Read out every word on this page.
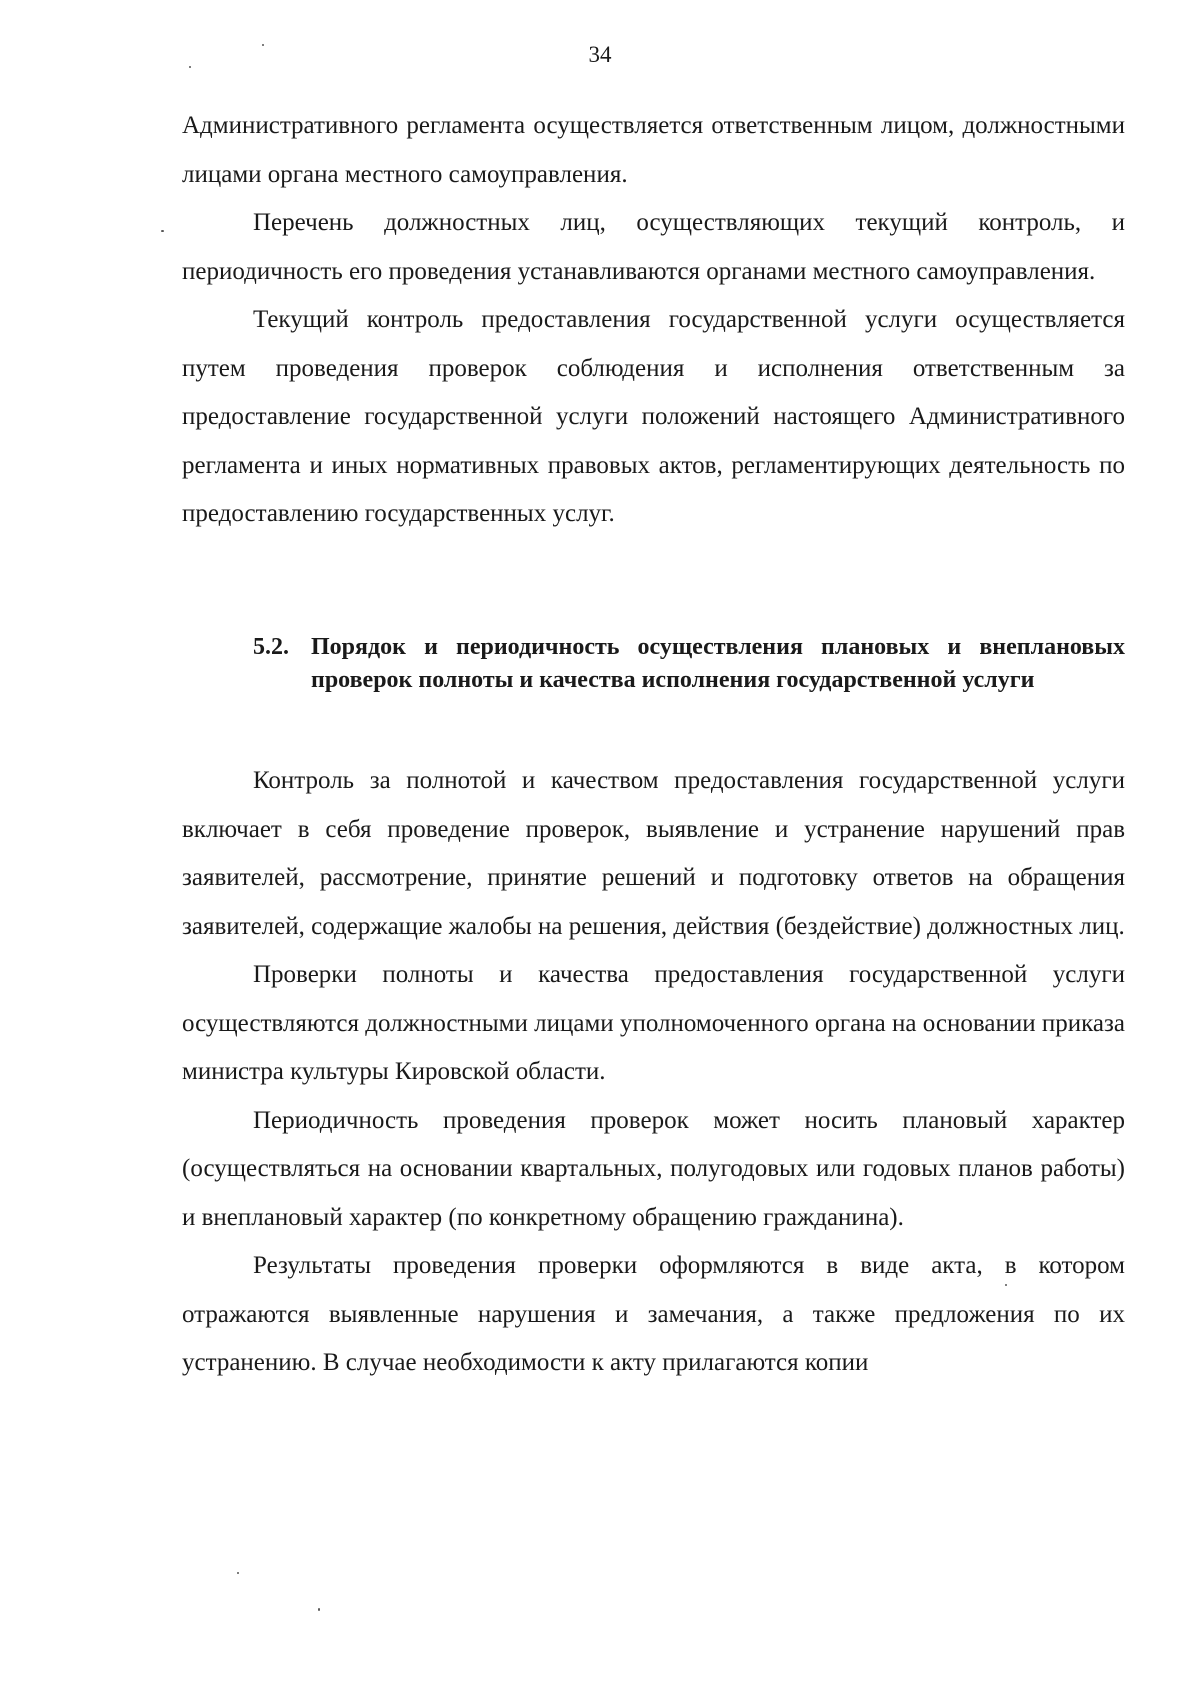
34

Административного регламента осуществляется ответственным лицом, должностными лицами органа местного самоуправления.

Перечень должностных лиц, осуществляющих текущий контроль, и периодичность его проведения устанавливаются органами местного самоуправления.

Текущий контроль предоставления государственной услуги осуществляется путем проведения проверок соблюдения и исполнения ответственным за предоставление государственной услуги положений настоящего Административного регламента и иных нормативных правовых актов, регламентирующих деятельность по предоставлению государственных услуг.

5.2. Порядок и периодичность осуществления плановых и внеплановых проверок полноты и качества исполнения государственной услуги

Контроль за полнотой и качеством предоставления государственной услуги включает в себя проведение проверок, выявление и устранение нарушений прав заявителей, рассмотрение, принятие решений и подготовку ответов на обращения заявителей, содержащие жалобы на решения, действия (бездействие) должностных лиц.

Проверки полноты и качества предоставления государственной услуги осуществляются должностными лицами уполномоченного органа на основании приказа министра культуры Кировской области.

Периодичность проведения проверок может носить плановый характер (осуществляться на основании квартальных, полугодовых или годовых планов работы) и внеплановый характер (по конкретному обращению гражданина).

Результаты проведения проверки оформляются в виде акта, в котором отражаются выявленные нарушения и замечания, а также предложения по их устранению. В случае необходимости к акту прилагаются копии
